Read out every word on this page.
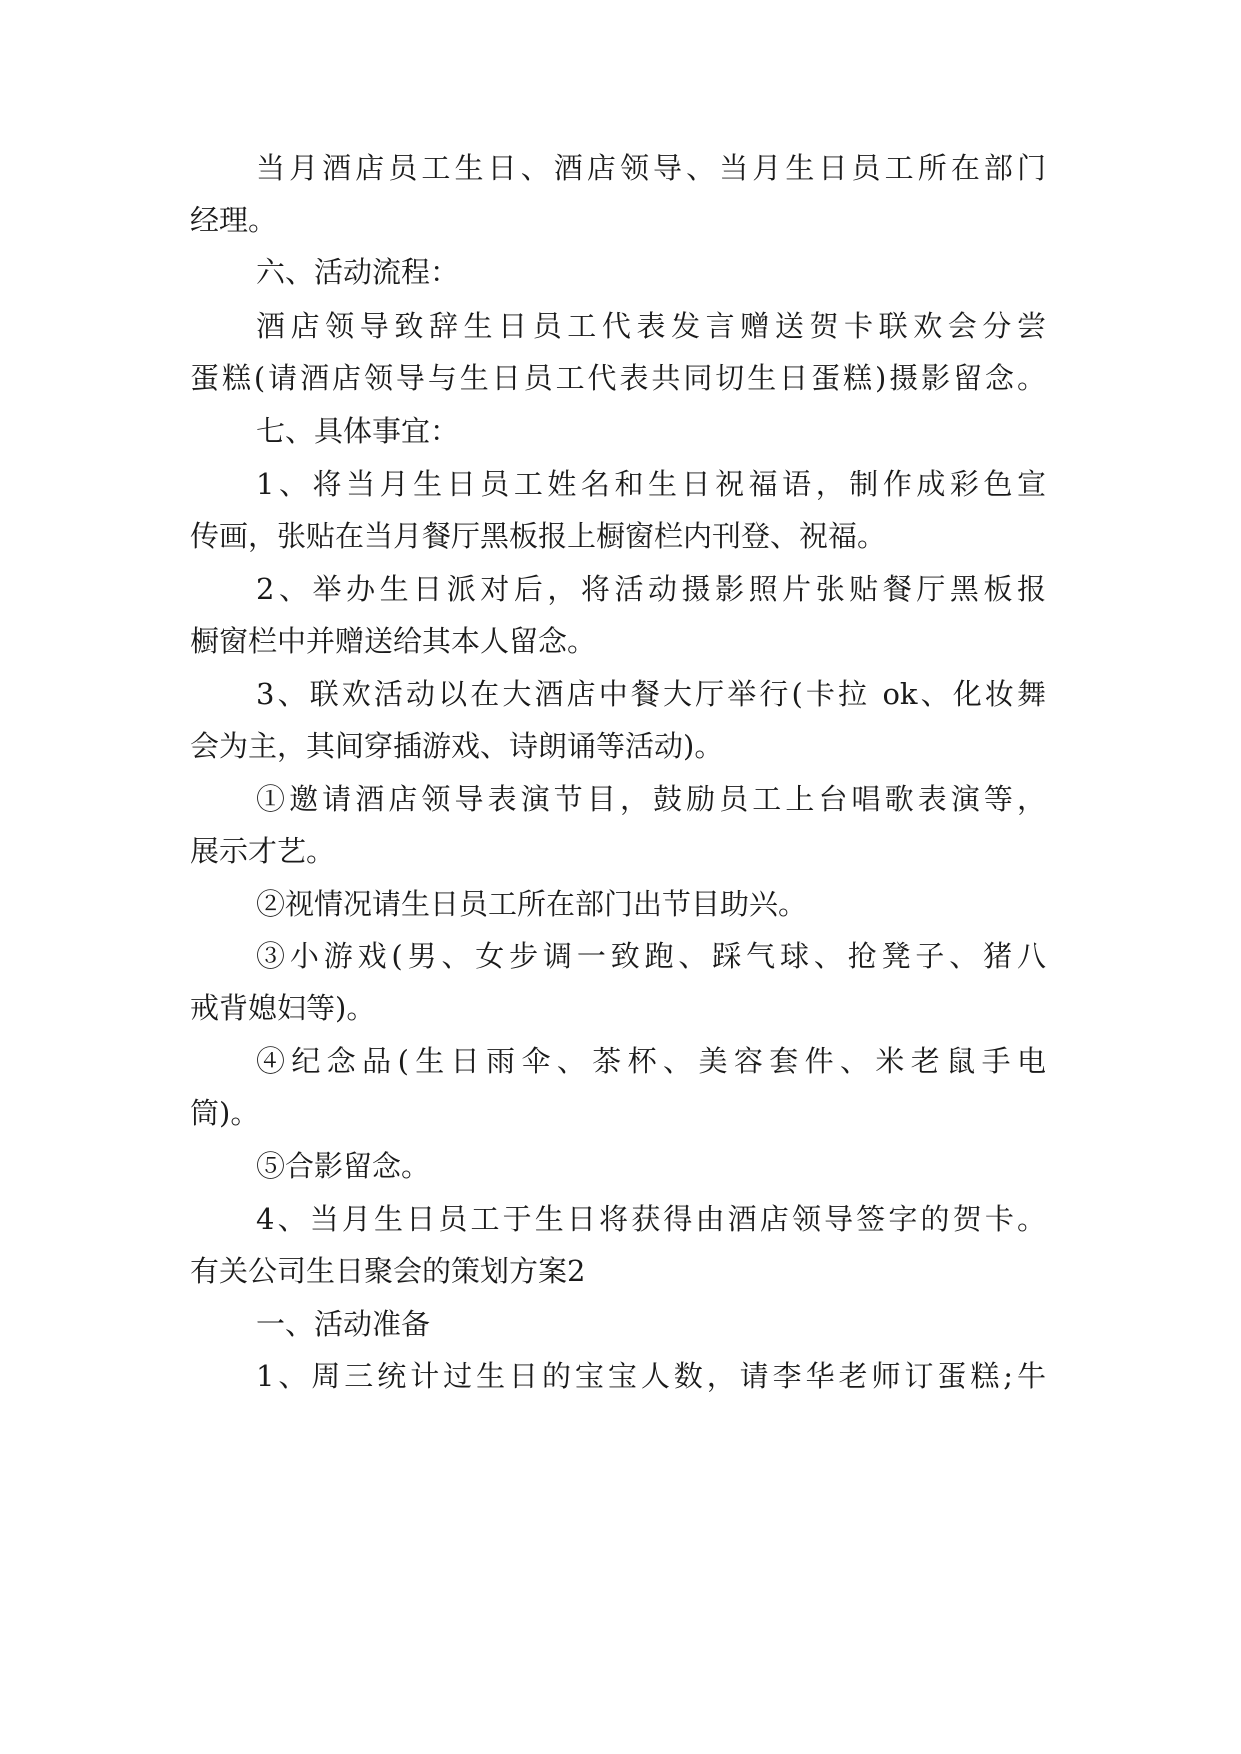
当月酒店员工生日、酒店领导、当月生日员工所在部门
经理。
六、活动流程：
酒店领导致辞生日员工代表发言赠送贺卡联欢会分尝
蛋糕(请酒店领导与生日员工代表共同切生日蛋糕)摄影留念。
七、具体事宜：
1、将当月生日员工姓名和生日祝福语，制作成彩色宣
传画，张贴在当月餐厅黑板报上橱窗栏内刊登、祝福。
2、举办生日派对后，将活动摄影照片张贴餐厅黑板报
橱窗栏中并赠送给其本人留念。
3、联欢活动以在大酒店中餐大厅举行(卡拉 ok、化妆舞
会为主，其间穿插游戏、诗朗诵等活动)。
①邀请酒店领导表演节目，鼓励员工上台唱歌表演等，
展示才艺。
②视情况请生日员工所在部门出节目助兴。
③小游戏(男、女步调一致跑、踩气球、抢凳子、猪八
戒背媳妇等)。
④纪念品(生日雨伞、茶杯、美容套件、米老鼠手电
筒)。
⑤合影留念。
4、当月生日员工于生日将获得由酒店领导签字的贺卡。
有关公司生日聚会的策划方案2
一、活动准备
1、周三统计过生日的宝宝人数，请李华老师订蛋糕;牛
